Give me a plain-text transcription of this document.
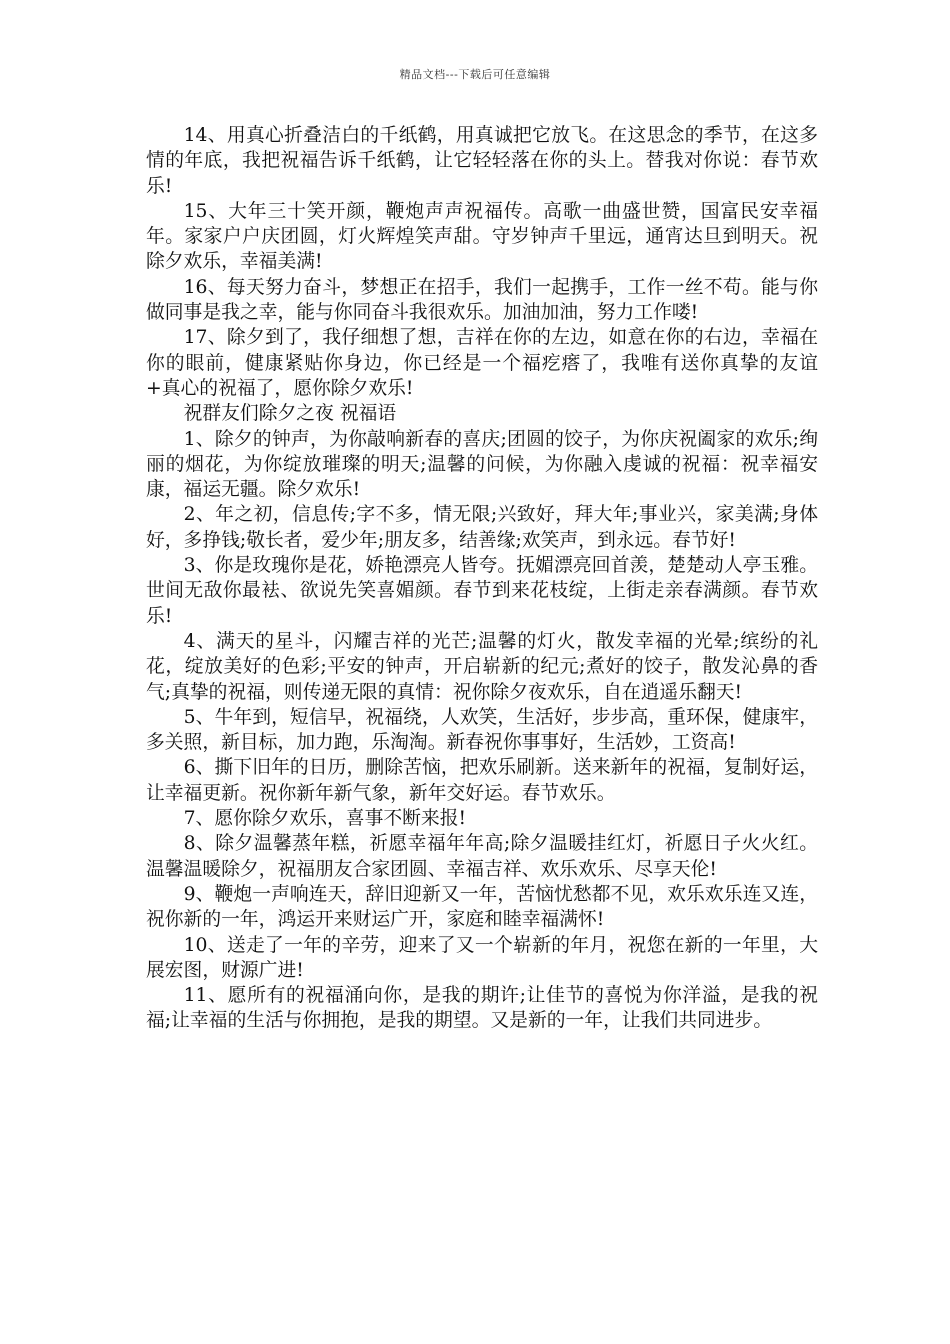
精品文档---下载后可任意编辑

14、用真心折叠洁白的千纸鹤，用真诚把它放飞。在这思念的季节，在这多情的年底，我把祝福告诉千纸鹤，让它轻轻落在你的头上。替我对你说：春节欢乐!

15、大年三十笑开颜，鞭炮声声祝福传。高歌一曲盛世赞，国富民安幸福年。家家户户庆团圆，灯火辉煌笑声甜。守岁钟声千里远，通宵达旦到明天。祝除夕欢乐，幸福美满!

16、每天努力奋斗，梦想正在招手，我们一起携手，工作一丝不苟。能与你做同事是我之幸，能与你同奋斗我很欢乐。加油加油，努力工作喽!

17、除夕到了，我仔细想了想，吉祥在你的左边，如意在你的右边，幸福在你的眼前，健康紧贴你身边，你已经是一个福疙瘩了，我唯有送你真挚的友谊+真心的祝福了，愿你除夕欢乐!

祝群友们除夕之夜 祝福语

1、除夕的钟声，为你敲响新春的喜庆;团圆的饺子，为你庆祝阖家的欢乐;绚丽的烟花，为你绽放璀璨的明天;温馨的问候，为你融入虔诚的祝福：祝幸福安康，福运无疆。除夕欢乐!

2、年之初，信息传;字不多，情无限;兴致好，拜大年;事业兴，家美满;身体好，多挣钱;敬长者，爱少年;朋友多，结善缘;欢笑声，到永远。春节好!

3、你是玫瑰你是花，娇艳漂亮人皆夸。抚媚漂亮回首羡，楚楚动人亭玉雅。世间无敌你最袪、欲说先笑喜媚颜。春节到来花枝绽，上街走亲春满颜。春节欢乐!

4、满天的星斗，闪耀吉祥的光芒;温馨的灯火，散发幸福的光晕;缤纷的礼花，绽放美好的色彩;平安的钟声，开启崭新的纪元;煮好的饺子，散发沁鼻的香气;真挚的祝福，则传递无限的真情：祝你除夕夜欢乐，自在逍遥乐翻天!

5、牛年到，短信早，祝福绕，人欢笑，生活好，步步高，重环保，健康牢，多关照，新目标，加力跑，乐淘淘。新春祝你事事好，生活妙，工资高!

6、撕下旧年的日历，删除苦恼，把欢乐刷新。送来新年的祝福，复制好运，让幸福更新。祝你新年新气象，新年交好运。春节欢乐。

7、愿你除夕欢乐，喜事不断来报!

8、除夕温馨蒸年糕，祈愿幸福年年高;除夕温暖挂红灯，祈愿日子火火红。温馨温暖除夕，祝福朋友合家团圆、幸福吉祥、欢乐欢乐、尽享天伦!

9、鞭炮一声响连天，辞旧迎新又一年，苦恼忧愁都不见，欢乐欢乐连又连，祝你新的一年，鸿运开来财运广开，家庭和睦幸福满怀!

10、送走了一年的辛劳，迎来了又一个崭新的年月，祝您在新的一年里，大展宏图，财源广进!

11、愿所有的祝福涌向你，是我的期许;让佳节的喜悦为你洋溢，是我的祝福;让幸福的生活与你拥抱，是我的期望。又是新的一年，让我们共同进步。
